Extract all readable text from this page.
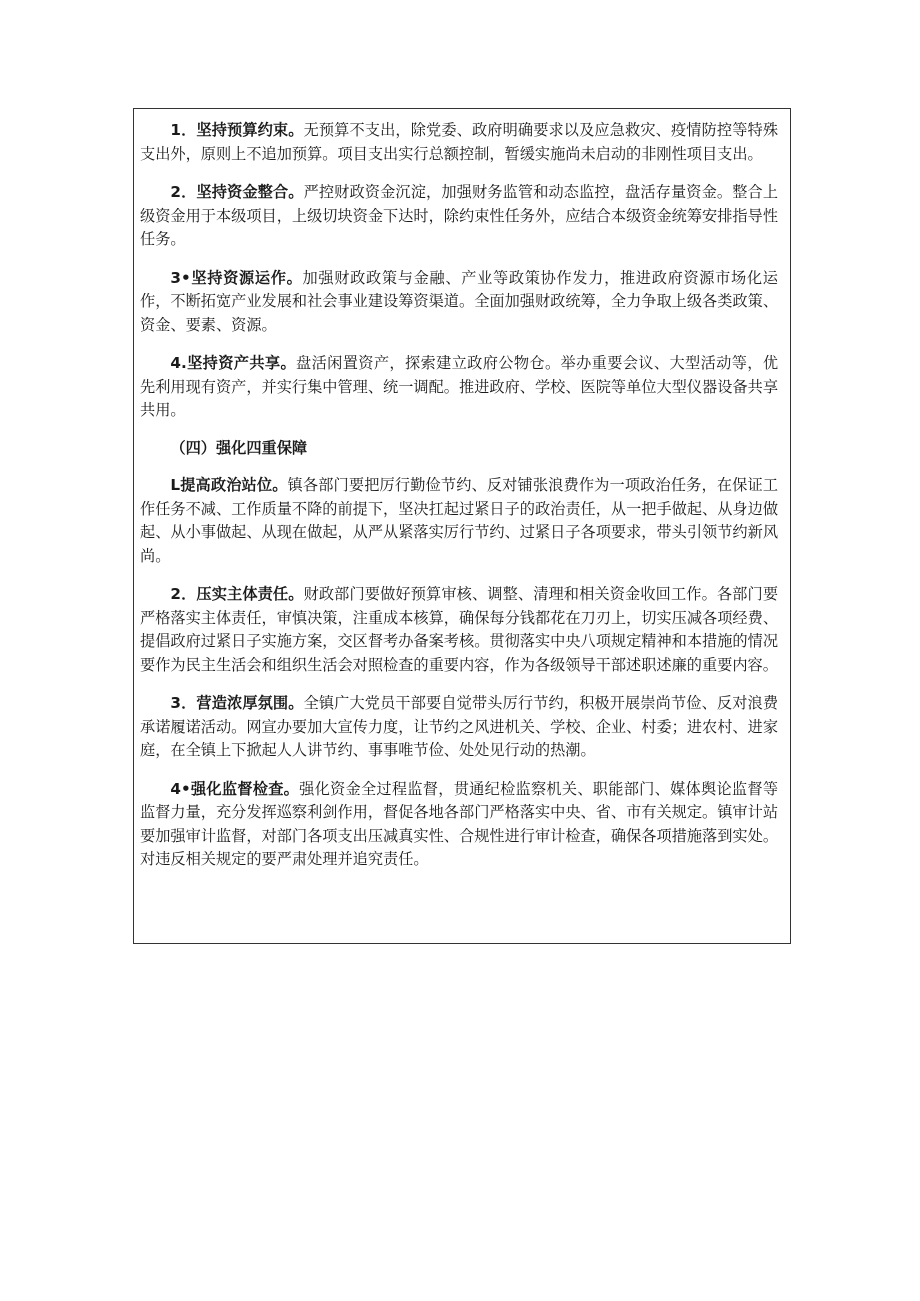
1．坚持预算约束。无预算不支出，除党委、政府明确要求以及应急救灾、疫情防控等特殊支出外，原则上不追加预算。项目支出实行总额控制，暂缓实施尚未启动的非刚性项目支出。

2．坚持资金整合。严控财政资金沉淀，加强财务监管和动态监控，盘活存量资金。整合上级资金用于本级项目，上级切块资金下达时，除约束性任务外，应结合本级资金统筹安排指导性任务。

3•坚持资源运作。加强财政政策与金融、产业等政策协作发力，推进政府资源市场化运作，不断拓宽产业发展和社会事业建设筹资渠道。全面加强财政统筹，全力争取上级各类政策、资金、要素、资源。

4.坚持资产共享。盘活闲置资产，探索建立政府公物仓。举办重要会议、大型活动等，优先利用现有资产，并实行集中管理、统一调配。推进政府、学校、医院等单位大型仪器设备共享共用。

（四）强化四重保障

L提高政治站位。镇各部门要把厉行勤俭节约、反对铺张浪费作为一项政治任务，在保证工作任务不减、工作质量不降的前提下，坚决扛起过紧日子的政治责任，从一把手做起、从身边做起、从小事做起、从现在做起，从严从紧落实厉行节约、过紧日子各项要求，带头引领节约新风尚。

2．压实主体责任。财政部门要做好预算审核、调整、清理和相关资金收回工作。各部门要严格落实主体责任，审慎决策，注重成本核算，确保每分钱都花在刀刃上，切实压减各项经费、提倡政府过紧日子实施方案，交区督考办备案考核。贯彻落实中央八项规定精神和本措施的情况要作为民主生活会和组织生活会对照检查的重要内容，作为各级领导干部述职述廉的重要内容。

3．营造浓厚氛围。全镇广大党员干部要自觉带头厉行节约，积极开展崇尚节俭、反对浪费承诺履诺活动。网宣办要加大宣传力度，让节约之风进机关、学校、企业、村委；进农村、进家庭，在全镇上下掀起人人讲节约、事事唯节俭、处处见行动的热潮。

4•强化监督检查。强化资金全过程监督，贯通纪检监察机关、职能部门、媒体舆论监督等监督力量，充分发挥巡察利剑作用，督促各地各部门严格落实中央、省、市有关规定。镇审计站要加强审计监督，对部门各项支出压减真实性、合规性进行审计检查，确保各项措施落到实处。对违反相关规定的要严肃处理并追究责任。
